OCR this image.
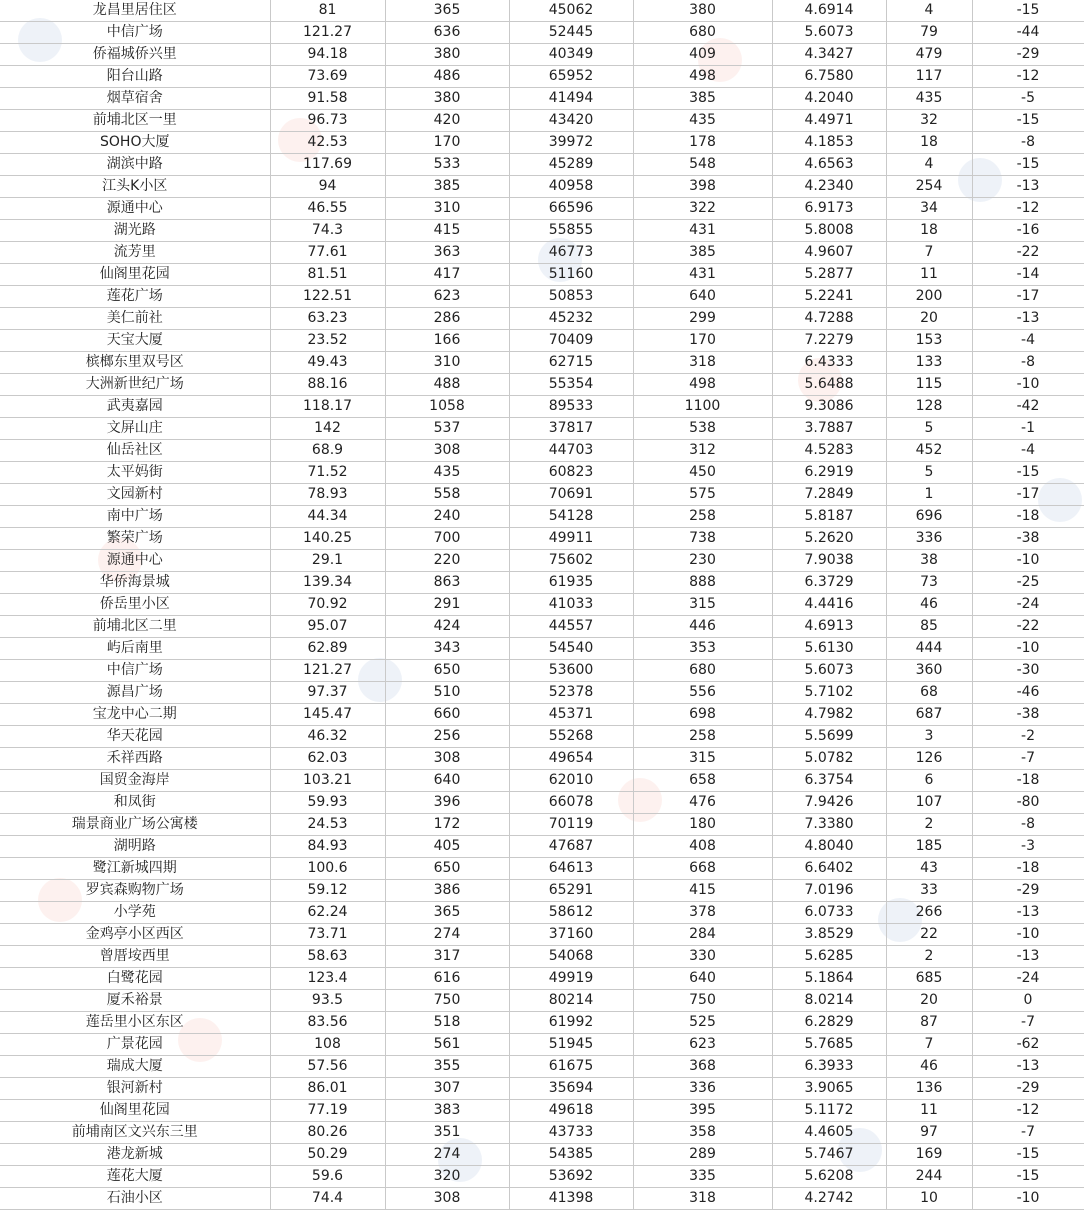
龙昌里居住区	81	365	45062	380	4.6914	4	-15
中信广场	121.27	636	52445	680	5.6073	79	-44
侨福城侨兴里	94.18	380	40349	409	4.3427	479	-29
阳台山路	73.69	486	65952	498	6.7580	117	-12
烟草宿舍	91.58	380	41494	385	4.2040	435	-5
前埔北区一里	96.73	420	43420	435	4.4971	32	-15
SOHO大厦	42.53	170	39972	178	4.1853	18	-8
湖滨中路	117.69	533	45289	548	4.6563	4	-15
江头K小区	94	385	40958	398	4.2340	254	-13
源通中心	46.55	310	66596	322	6.9173	34	-12
湖光路	74.3	415	55855	431	5.8008	18	-16
流芳里	77.61	363	46773	385	4.9607	7	-22
仙阁里花园	81.51	417	51160	431	5.2877	11	-14
莲花广场	122.51	623	50853	640	5.2241	200	-17
美仁前社	63.23	286	45232	299	4.7288	20	-13
天宝大厦	23.52	166	70409	170	7.2279	153	-4
槟榔东里双号区	49.43	310	62715	318	6.4333	133	-8
大洲新世纪广场	88.16	488	55354	498	5.6488	115	-10
武夷嘉园	118.17	1058	89533	1100	9.3086	128	-42
文屏山庄	142	537	37817	538	3.7887	5	-1
仙岳社区	68.9	308	44703	312	4.5283	452	-4
太平妈街	71.52	435	60823	450	6.2919	5	-15
文园新村	78.93	558	70691	575	7.2849	1	-17
南中广场	44.34	240	54128	258	5.8187	696	-18
繁荣广场	140.25	700	49911	738	5.2620	336	-38
源通中心	29.1	220	75602	230	7.9038	38	-10
华侨海景城	139.34	863	61935	888	6.3729	73	-25
侨岳里小区	70.92	291	41033	315	4.4416	46	-24
前埔北区二里	95.07	424	44557	446	4.6913	85	-22
屿后南里	62.89	343	54540	353	5.6130	444	-10
中信广场	121.27	650	53600	680	5.6073	360	-30
源昌广场	97.37	510	52378	556	5.7102	68	-46
宝龙中心二期	145.47	660	45371	698	4.7982	687	-38
华天花园	46.32	256	55268	258	5.5699	3	-2
禾祥西路	62.03	308	49654	315	5.0782	126	-7
国贸金海岸	103.21	640	62010	658	6.3754	6	-18
和凤街	59.93	396	66078	476	7.9426	107	-80
瑞景商业广场公寓楼	24.53	172	70119	180	7.3380	2	-8
湖明路	84.93	405	47687	408	4.8040	185	-3
鹭江新城四期	100.6	650	64613	668	6.6402	43	-18
罗宾森购物广场	59.12	386	65291	415	7.0196	33	-29
小学苑	62.24	365	58612	378	6.0733	266	-13
金鸡亭小区西区	73.71	274	37160	284	3.8529	22	-10
曾厝垵西里	58.63	317	54068	330	5.6285	2	-13
白鹭花园	123.4	616	49919	640	5.1864	685	-24
厦禾裕景	93.5	750	80214	750	8.0214	20	0
莲岳里小区东区	83.56	518	61992	525	6.2829	87	-7
广景花园	108	561	51945	623	5.7685	7	-62
瑞成大厦	57.56	355	61675	368	6.3933	46	-13
银河新村	86.01	307	35694	336	3.9065	136	-29
仙阁里花园	77.19	383	49618	395	5.1172	11	-12
前埔南区文兴东三里	80.26	351	43733	358	4.4605	97	-7
港龙新城	50.29	274	54385	289	5.7467	169	-15
莲花大厦	59.6	320	53692	335	5.6208	244	-15
石油小区	74.4	308	41398	318	4.2742	10	-10
